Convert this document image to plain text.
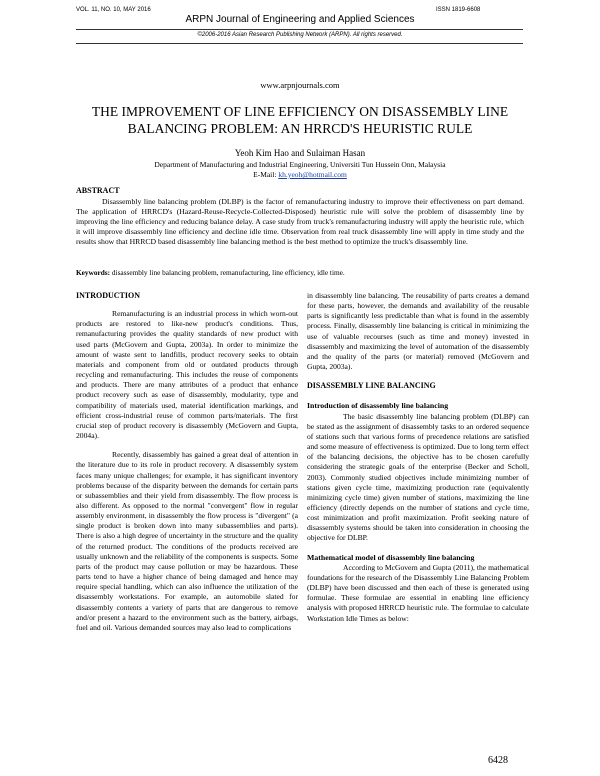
VOL. 11, NO. 10, MAY 2016	ISSN 1819-6608
ARPN Journal of Engineering and Applied Sciences
©2006-2016 Asian Research Publishing Network (ARPN). All rights reserved.
www.arpnjournals.com
THE IMPROVEMENT OF LINE EFFICIENCY ON DISASSEMBLY LINE BALANCING PROBLEM: AN HRRCD'S HEURISTIC RULE
Yeoh Kim Hao and Sulaiman Hasan
Department of Manufacturing and Industrial Engineering, Universiti Tun Hussein Onn, Malaysia
E-Mail: kh.yeoh@hotmail.com
ABSTRACT

Disassembly line balancing problem (DLBP) is the factor of remanufacturing industry to improve their effectiveness on part demand. The application of HRRCD's (Hazard-Reuse-Recycle-Collected-Disposed) heuristic rule will solve the problem of disassembly line by improving the line efficiency and reducing balance delay. A case study from truck's remanufacturing industry will apply the heuristic rule, which it will improve disassembly line efficiency and decline idle time. Observation from real truck disassembly line will apply in time study and the results show that HRRCD based disassembly line balancing method is the best method to optimize the truck's disassembly line.

Keywords: disassembly line balancing problem, remanufacturing, line efficiency, idle time.

INTRODUCTION

Remanufacturing is an industrial process in which worn-out products are restored to like-new product's conditions. Thus, remanufacturing provides the quality standards of new product with used parts (McGovern and Gupta, 2003a). In order to minimize the amount of waste sent to landfills, product recovery seeks to obtain materials and component from old or outdated products through recycling and remanufacturing. This includes the reuse of components and products. There are many attributes of a product that enhance product recovery such as ease of disassembly, modularity, type and compatibility of materials used, material identification markings, and efficient cross-industrial reuse of common parts/materials. The first crucial step of product recovery is disassembly (McGovern and Gupta, 2004a).

Recently, disassembly has gained a great deal of attention in the literature due to its role in product recovery. A disassembly system faces many unique challenges; for example, it has significant inventory problems because of the disparity between the demands for certain parts or subassemblies and their yield from disassembly. The flow process is also different. As opposed to the normal "convergent" flow in regular assembly environment, in disassembly the flow process is "divergent" (a single product is broken down into many subassemblies and parts). There is also a high degree of uncertainty in the structure and the quality of the returned product. The conditions of the products received are usually unknown and the reliability of the components is suspects. Some parts of the product may cause pollution or may be hazardous. These parts tend to have a higher chance of being damaged and hence may require special handling, which can also influence the utilization of the disassembly workstations. For example, an automobile slated for disassembly contents a variety of parts that are dangerous to remove and/or present a hazard to the environment such as the battery, airbags, fuel and oil. Various demanded sources may also lead to complications

in disassembly line balancing. The reusability of parts creates a demand for these parts, however, the demands and availability of the reusable parts is significantly less predictable than what is found in the assembly process. Finally, disassembly line balancing is critical in minimizing the use of valuable recourses (such as time and money) invested in disassembly and maximizing the level of automation of the disassembly and the quality of the parts (or material) removed (McGovern and Gupta, 2003a).

DISASSEMBLY LINE BALANCING
Introduction of disassembly line balancing

The basic disassembly line balancing problem (DLBP) can be stated as the assignment of disassembly tasks to an ordered sequence of stations such that various forms of precedence relations are satisfied and some measure of effectiveness is optimized. Due to long term effect of the balancing decisions, the objective has to be chosen carefully considering the strategic goals of the enterprise (Becker and Scholl, 2003). Commonly studied objectives include minimizing number of stations given cycle time, maximizing production rate (equivalently minimizing cycle time) given number of stations, maximizing the line efficiency (directly depends on the number of stations and cycle time, cost minimization and profit maximization. Profit seeking nature of disassembly systems should be taken into consideration in choosing the objective for DLBP.

Mathematical model of disassembly line balancing

According to McGovern and Gupta (2011), the mathematical foundations for the research of the Disassembly Line Balancing Problem (DLBP) have been discussed and then each of these is generated using formulae. These formulae are essential in enabling line efficiency analysis with proposed HRRCD heuristic rule. The formulae to calculate Workstation Idle Times as below:

6428
